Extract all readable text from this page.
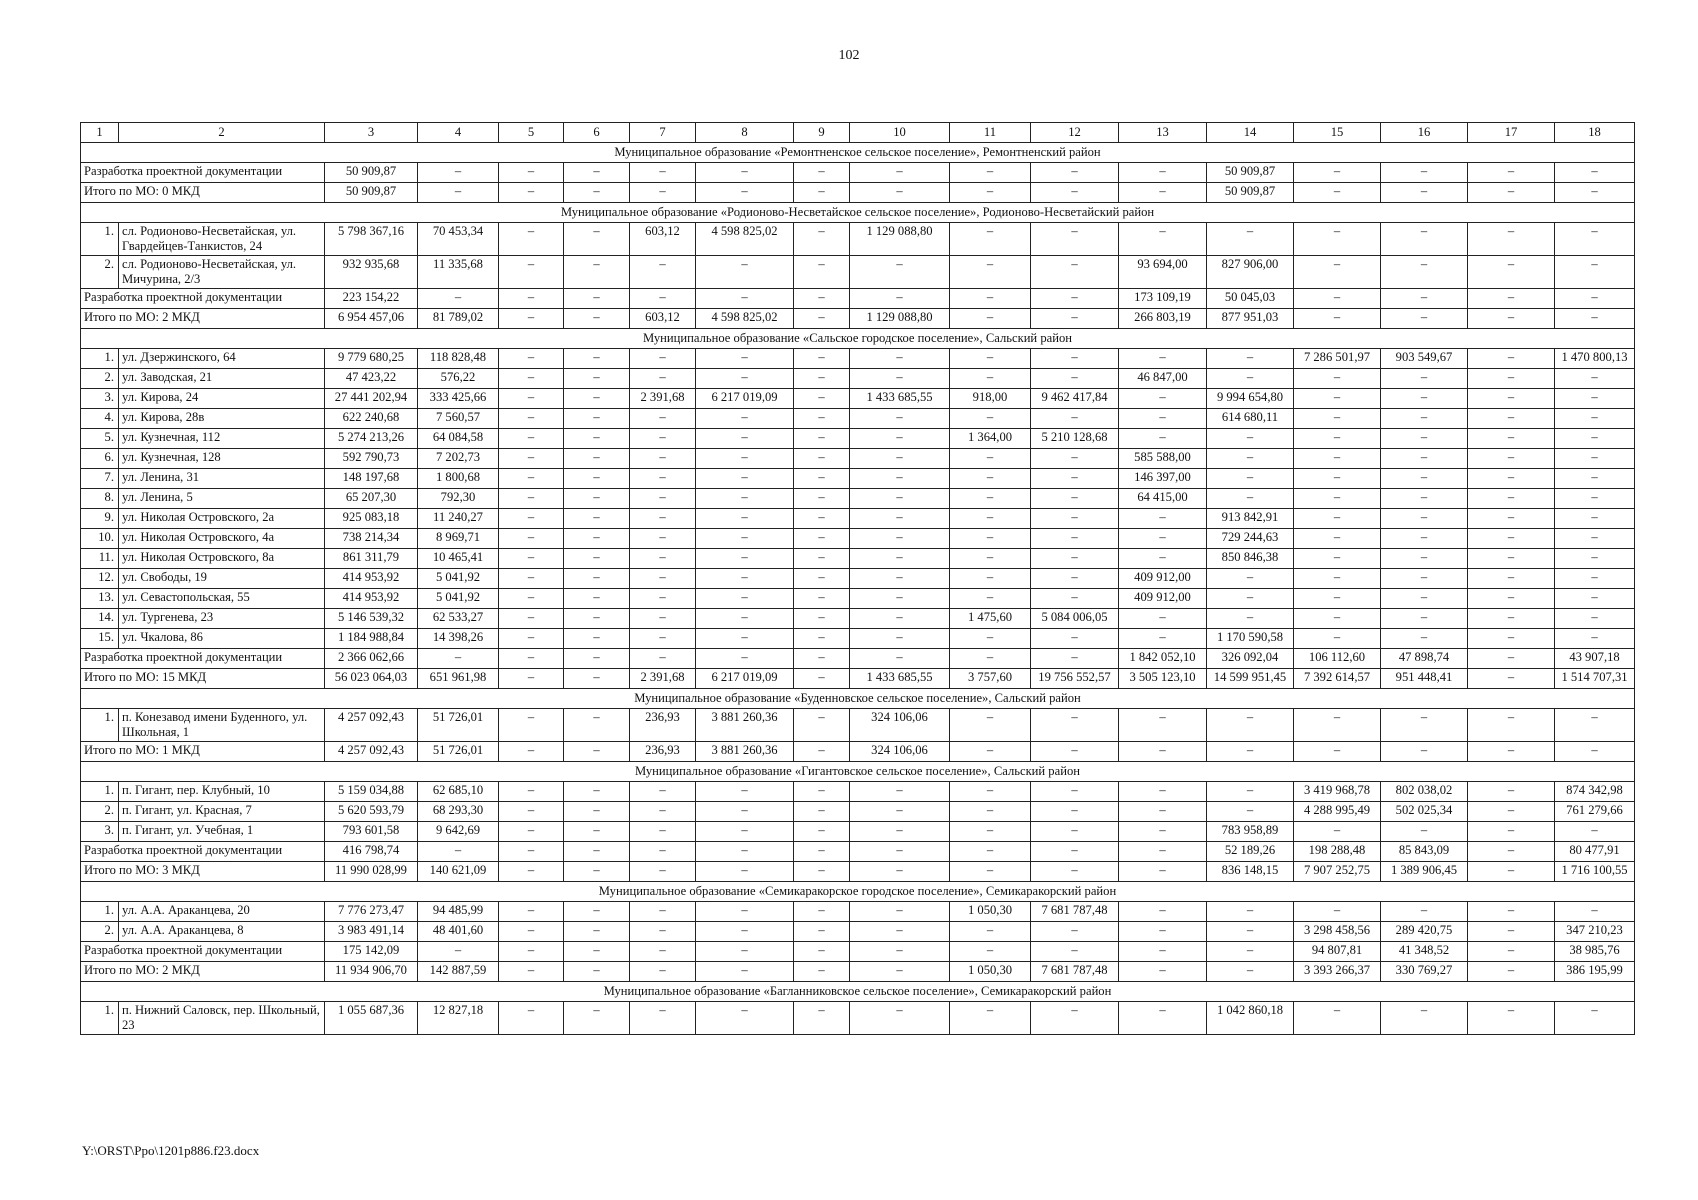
102
1	2	3	4	5	6	7	8	9	10	11	12	13	14	15	16	17	18
Муниципальное образование «Ремонтненское сельское поселение», Ремонтненский район																	
Разработка проектной документации		50 909,87	–	–	–	–	–	–	–	–	–	–	50 909,87	–	–	–	–
Итого по МО: 0 МКД		50 909,87	–	–	–	–	–	–	–	–	–	–	50 909,87	–	–	–	–
Муниципальное образование «Родионово-Несветайское сельское поселение», Родионово-Несветайский район																	
1.	сл. Родионово-Несветайская, ул. Гвардейцев-Танкистов, 24	5 798 367,16	70 453,34	–	–	603,12	4 598 825,02	–	1 129 088,80	–	–	–	–	–	–	–	–
2.	сл. Родионово-Несветайская, ул. Мичурина, 2/3	932 935,68	11 335,68	–	–	–	–	–	–	–	–	93 694,00	827 906,00	–	–	–	–
Разработка проектной документации		223 154,22	–	–	–	–	–	–	–	–	–	173 109,19	50 045,03	–	–	–	–
Итого по МО: 2 МКД		6 954 457,06	81 789,02	–	–	603,12	4 598 825,02	–	1 129 088,80	–	–	266 803,19	877 951,03	–	–	–	–
Муниципальное образование «Сальское городское поселение», Сальский район																	
1.	ул. Дзержинского, 64	9 779 680,25	118 828,48	–	–	–	–	–	–	–	–	–	–	7 286 501,97	903 549,67	–	1 470 800,13
2.	ул. Заводская, 21	47 423,22	576,22	–	–	–	–	–	–	–	–	46 847,00	–	–	–	–	–
3.	ул. Кирова, 24	27 441 202,94	333 425,66	–	–	2 391,68	6 217 019,09	–	1 433 685,55	918,00	9 462 417,84	–	9 994 654,80	–	–	–	–
4.	ул. Кирова, 28в	622 240,68	7 560,57	–	–	–	–	–	–	–	–	–	614 680,11	–	–	–	–
5.	ул. Кузнечная, 112	5 274 213,26	64 084,58	–	–	–	–	–	–	1 364,00	5 210 128,68	–	–	–	–	–	–
6.	ул. Кузнечная, 128	592 790,73	7 202,73	–	–	–	–	–	–	–	–	585 588,00	–	–	–	–	–
7.	ул. Ленина, 31	148 197,68	1 800,68	–	–	–	–	–	–	–	–	146 397,00	–	–	–	–	–
8.	ул. Ленина, 5	65 207,30	792,30	–	–	–	–	–	–	–	–	64 415,00	–	–	–	–	–
9.	ул. Николая Островского, 2а	925 083,18	11 240,27	–	–	–	–	–	–	–	–	–	913 842,91	–	–	–	–
10.	ул. Николая Островского, 4а	738 214,34	8 969,71	–	–	–	–	–	–	–	–	–	729 244,63	–	–	–	–
11.	ул. Николая Островского, 8а	861 311,79	10 465,41	–	–	–	–	–	–	–	–	–	850 846,38	–	–	–	–
12.	ул. Свободы, 19	414 953,92	5 041,92	–	–	–	–	–	–	–	–	409 912,00	–	–	–	–	–
13.	ул. Севастопольская, 55	414 953,92	5 041,92	–	–	–	–	–	–	–	–	409 912,00	–	–	–	–	–
14.	ул. Тургенева, 23	5 146 539,32	62 533,27	–	–	–	–	–	–	1 475,60	5 084 006,05	–	–	–	–	–	–
15.	ул. Чкалова, 86	1 184 988,84	14 398,26	–	–	–	–	–	–	–	–	–	1 170 590,58	–	–	–	–
Разработка проектной документации		2 366 062,66	–	–	–	–	–	–	–	–	–	1 842 052,10	326 092,04	106 112,60	47 898,74	–	43 907,18
Итого по МО: 15 МКД		56 023 064,03	651 961,98	–	–	2 391,68	6 217 019,09	–	1 433 685,55	3 757,60	19 756 552,57	3 505 123,10	14 599 951,45	7 392 614,57	951 448,41	–	1 514 707,31
Муниципальное образование «Буденновское сельское поселение», Сальский район																	
1.	п. Конезавод имени Буденного, ул. Школьная, 1	4 257 092,43	51 726,01	–	–	236,93	3 881 260,36	–	324 106,06	–	–	–	–	–	–	–	–
Итого по МО: 1 МКД		4 257 092,43	51 726,01	–	–	236,93	3 881 260,36	–	324 106,06	–	–	–	–	–	–	–	–
Муниципальное образование «Гигантовское сельское поселение», Сальский район																	
1.	п. Гигант, пер. Клубный, 10	5 159 034,88	62 685,10	–	–	–	–	–	–	–	–	–	–	3 419 968,78	802 038,02	–	874 342,98
2.	п. Гигант, ул. Красная, 7	5 620 593,79	68 293,30	–	–	–	–	–	–	–	–	–	–	4 288 995,49	502 025,34	–	761 279,66
3.	п. Гигант, ул. Учебная, 1	793 601,58	9 642,69	–	–	–	–	–	–	–	–	–	783 958,89	–	–	–	–
Разработка проектной документации		416 798,74	–	–	–	–	–	–	–	–	–	–	52 189,26	198 288,48	85 843,09	–	80 477,91
Итого по МО: 3 МКД		11 990 028,99	140 621,09	–	–	–	–	–	–	–	–	–	836 148,15	7 907 252,75	1 389 906,45	–	1 716 100,55
Муниципальное образование «Семикаракорское городское поселение», Семикаракорский район																	
1.	ул. А.А. Араканцева, 20	7 776 273,47	94 485,99	–	–	–	–	–	–	1 050,30	7 681 787,48	–	–	–	–	–	–
2.	ул. А.А. Араканцева, 8	3 983 491,14	48 401,60	–	–	–	–	–	–	–	–	–	–	3 298 458,56	289 420,75	–	347 210,23
Разработка проектной документации		175 142,09	–	–	–	–	–	–	–	–	–	–	–	94 807,81	41 348,52	–	38 985,76
Итого по МО: 2 МКД		11 934 906,70	142 887,59	–	–	–	–	–	–	1 050,30	7 681 787,48	–	–	3 393 266,37	330 769,27	–	386 195,99
Муниципальное образование «Багланниковское сельское поселение», Семикаракорский район																	
1.	п. Нижний Саловск, пер. Школьный, 23	1 055 687,36	12 827,18	–	–	–	–	–	–	–	–	–	1 042 860,18	–	–	–	–
Y:\ORST\Ppo\1201p886.f23.docx
